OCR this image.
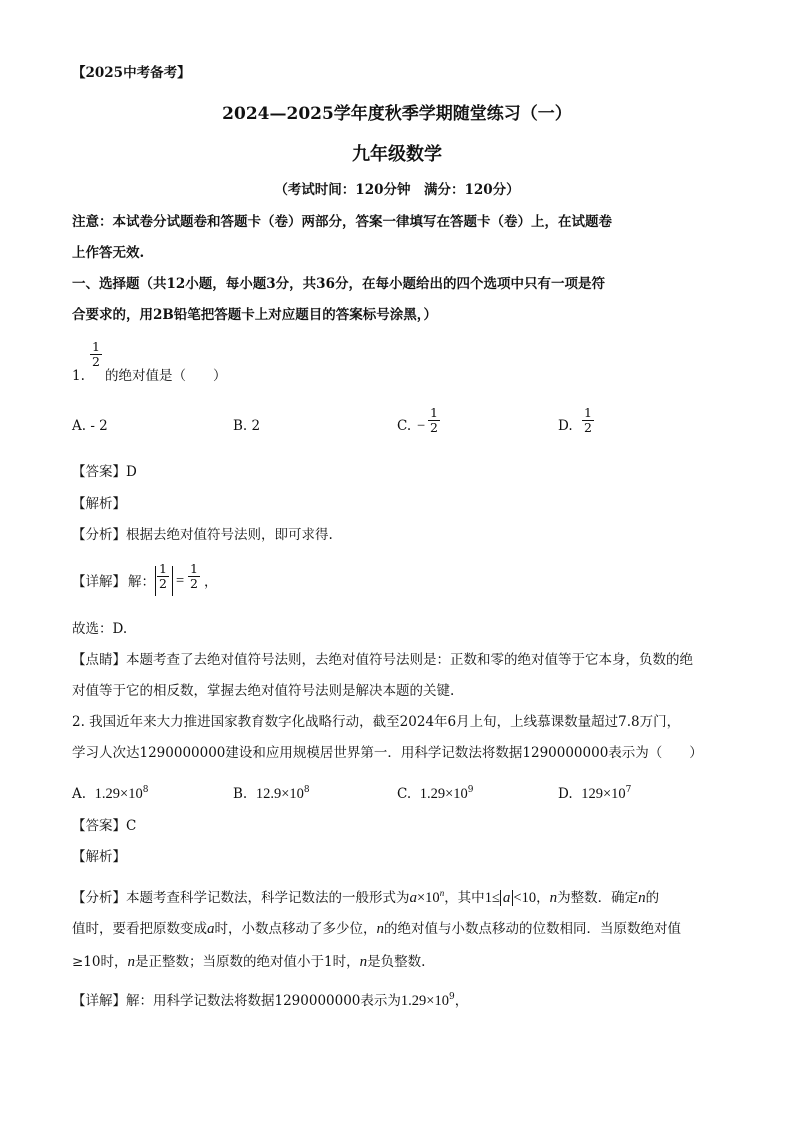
【2025中考备考】
2024—2025学年度秋季学期随堂练习（一）
九年级数学
（考试时间：120分钟　满分：120分）
注意：本试卷分试题卷和答题卡（卷）两部分，答案一律填写在答题卡（卷）上，在试题卷
上作答无效.
一、选择题（共12小题，每小题3分，共36分，在每小题给出的四个选项中只有一项是符
合要求的，用2B铅笔把答题卡上对应题目的答案标号涂黑，）
1.
$\frac{1}{2}$
的绝对值是（　　）
A. - 2	B. 2	C. − $\frac{1}{2}$	D. $\frac{1}{2}$
【答案】D
【解析】
【分析】根据去绝对值符号法则，即可求得.
【详解】 解： $\frac{1}{2} = \frac{1}{2}$ ，
故选：D.
【点睛】本题考查了去绝对值符号法则，去绝对值符号法则是：正数和零的绝对值等于它本身，负数的绝
对值等于它的相反数，掌握去绝对值符号法则是解决本题的关键.
2. 我国近年来大力推进国家教育数字化战略行动，截至2024年6月上旬，上线慕课数量超过7.8万门，
学习人次达1290000000建设和应用规模居世界第一．用科学记数法将数据1290000000表示为（　　）
A. $1.29\times 10^8$	B. $12.9\times 10^8$	C. $1.29\times 10^9$	D. $129\times 10^7$
【答案】C
【解析】
【分析】本题考查科学记数法，科学记数法的一般形式为$a\times 10^n$，其中1≤ a <10，n为整数．确定n的
值时，要看把原数变成a时，小数点移动了多少位，n的绝对值与小数点移动的位数相同．当原数绝对值
≥10时，n是正整数；当原数的绝对值小于1时，n是负整数.
【详解】解：用科学记数法将数据1290000000表示为$1.29\times 10^9$，
